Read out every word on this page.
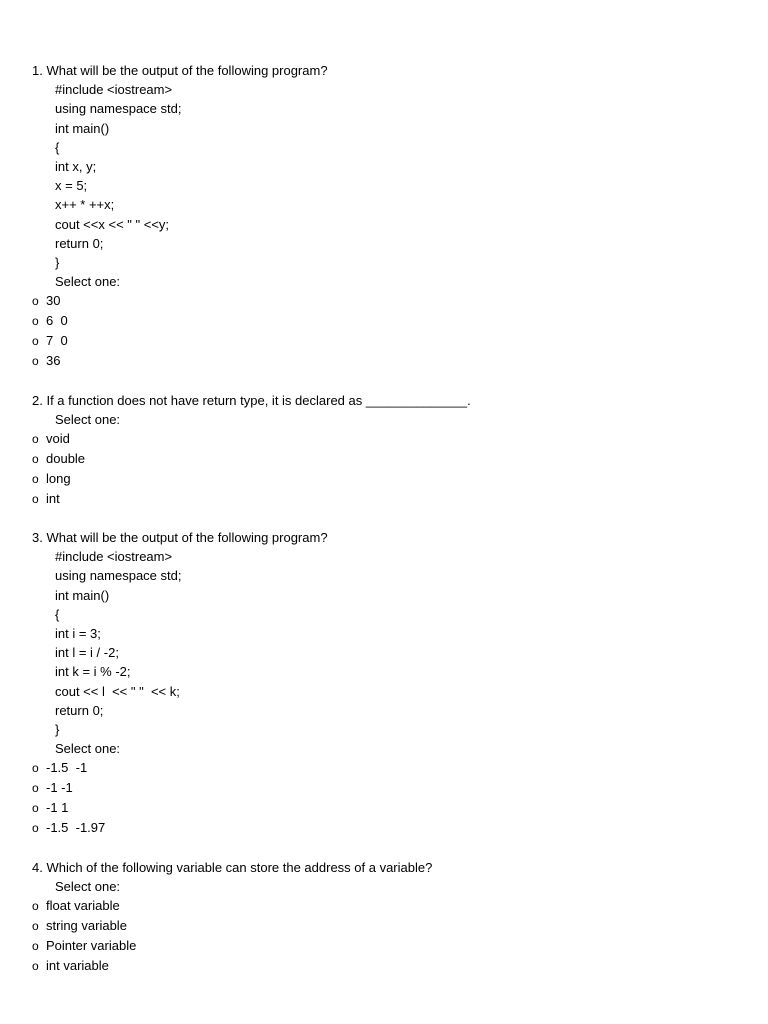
1. What will be the output of the following program?
#include <iostream>
using namespace std;
int main()
{
int x, y;
x = 5;
x++ * ++x;
cout <<x << " " <<y;
return 0;
}
Select one:
o 30
o 6  0
o 7  0
o 36
2. If a function does not have return type, it is declared as ______________.
Select one:
o void
o double
o long
o int
3. What will be the output of the following program?
#include <iostream>
using namespace std;
int main()
{
int i = 3;
int l = i / -2;
int k = i % -2;
cout << l  << " "  << k;
return 0;
}
Select one:
o -1.5  -1
o -1 -1
o -1 1
o -1.5  -1.97
4. Which of the following variable can store the address of a variable?
Select one:
o float variable
o string variable
o Pointer variable
o int variable
